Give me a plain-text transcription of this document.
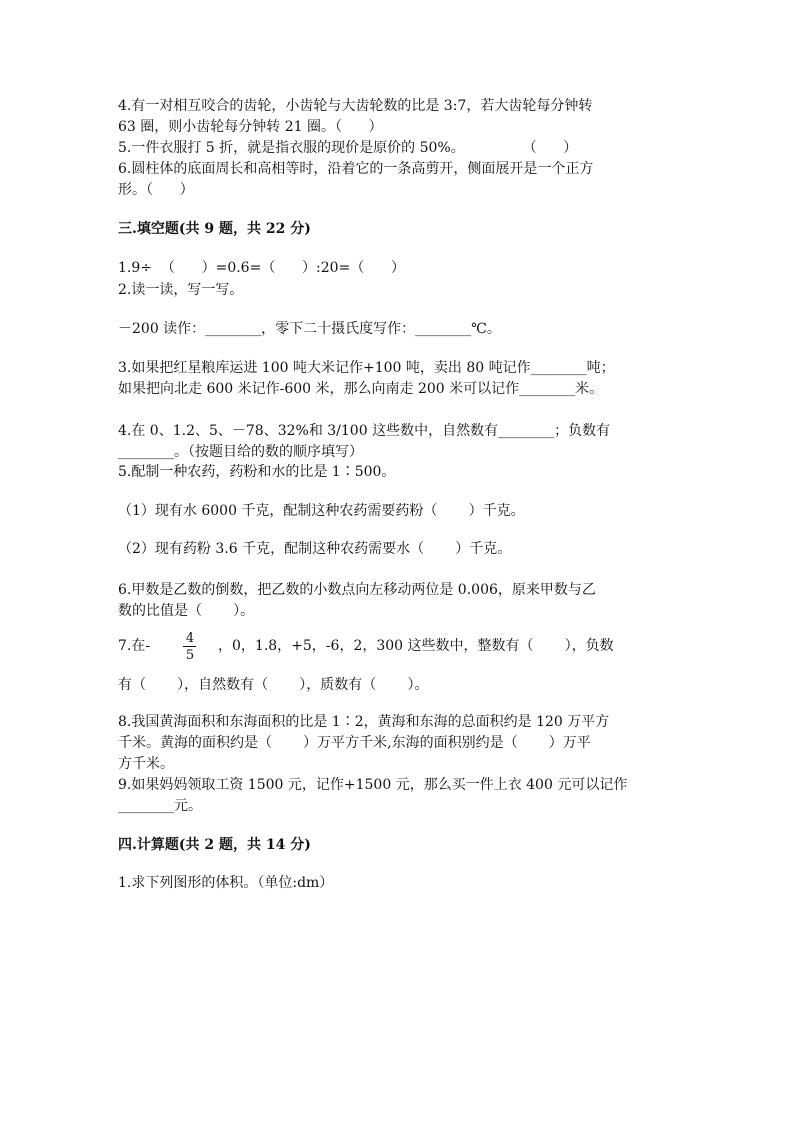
4.有一对相互咬合的齿轮，小齿轮与大齿轮数的比是 3:7，若大齿轮每分钟转
63 圈，则小齿轮每分钟转 21 圈。（      ）
5.一件衣服打 5 折，就是指衣服的现价是原价的 50%。             （      ）
6.圆柱体的底面周长和高相等时，沿着它的一条高剪开，侧面展开是一个正方
形。（      ）
三.填空题(共 9 题，共 22 分)
1.9÷  （      ）=0.6=（      ）:20=（      ）
2.读一读，写一写。
－200 读作：________，零下二十摄氏度写作：________℃。
3.如果把红星粮库运进 100 吨大米记作+100 吨，卖出 80 吨记作________吨；
如果把向北走 600 米记作-600 米，那么向南走 200 米可以记作________米。
4.在 0、1.2、5、－78、32%和 3/100 这些数中，自然数有________；负数有
________。（按题目给的数的顺序填写）
5.配制一种农药，药粉和水的比是 1∶500。
（1）现有水 6000 千克，配制这种农药需要药粉（       ）千克。
（2）现有药粉 3.6 千克，配制这种农药需要水（       ）千克。
6.甲数是乙数的倒数，把乙数的小数点向左移动两位是 0.006，原来甲数与乙
数的比值是（       ）。
7.在-	4
5
，0，1.8，+5，-6，2，300 这些数中，整数有（       ），负数
有（       ），自然数有（       ），质数有（       ）。
8.我国黄海面积和东海面积的比是 1∶2，黄海和东海的总面积约是 120 万平方
千米。黄海的面积约是（       ）万平方千米,东海的面积别约是（       ）万平
方千米。
9.如果妈妈领取工资 1500 元，记作+1500 元，那么买一件上衣 400 元可以记作
________元。
四.计算题(共 2 题，共 14 分)
1.求下列图形的体积。（单位:dm）
